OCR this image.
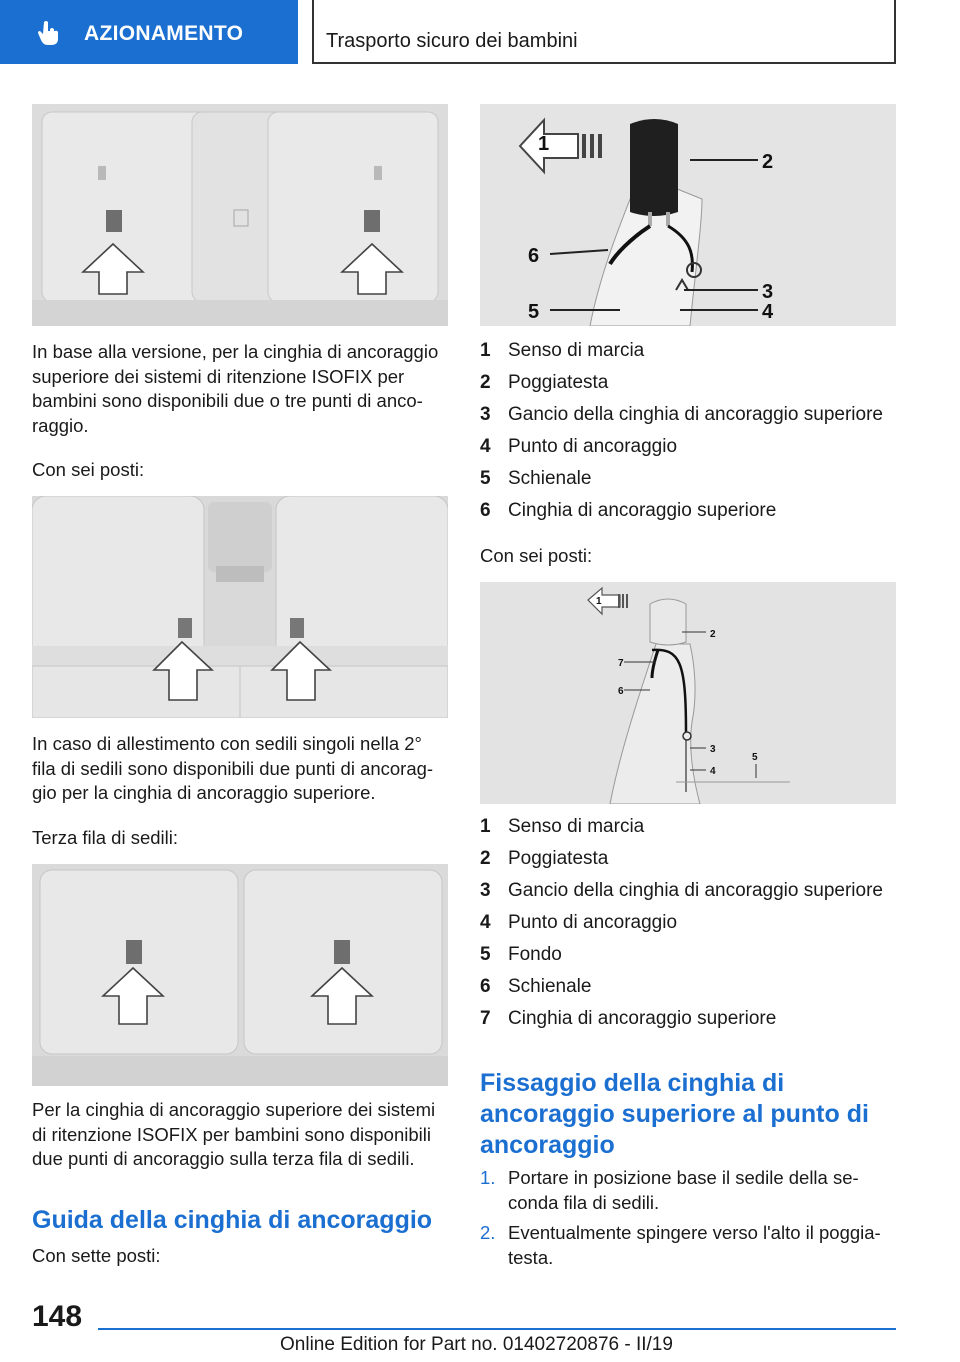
AZIONAMENTO	Trasporto sicuro dei bambini
In base alla versione, per la cinghia di ancoraggio superiore dei sistemi di ritenzione ISOFIX per bambini sono disponibili due o tre punti di anco‐ raggio.
Con sei posti:
In caso di allestimento con sedili singoli nella 2° fila di sedili sono disponibili due punti di ancorag‐ gio per la cinghia di ancoraggio superiore.
Terza fila di sedili:
Per la cinghia di ancoraggio superiore dei sistemi di ritenzione ISOFIX per bambini sono disponibili due punti di ancoraggio sulla terza fila di sedili.
Guida della cinghia di ancoraggio
Con sette posti:
1
2
3
4
5
6
1 Senso di marcia
2 Poggiatesta
3 Gancio della cinghia di ancoraggio superiore
4 Punto di ancoraggio
5 Schienale
6 Cinghia di ancoraggio superiore
Con sei posti:
1
2
3
4
5
6
7
1 Senso di marcia
2 Poggiatesta
3 Gancio della cinghia di ancoraggio superiore
4 Punto di ancoraggio
5 Fondo
6 Schienale
7 Cinghia di ancoraggio superiore
Fissaggio della cinghia di ancoraggio superiore al punto di ancoraggio
1. Portare in posizione base il sedile della se‐ conda fila di sedili.
2. Eventualmente spingere verso l'alto il poggia‐ testa.
148
Online Edition for Part no. 01402720876 - II/19
